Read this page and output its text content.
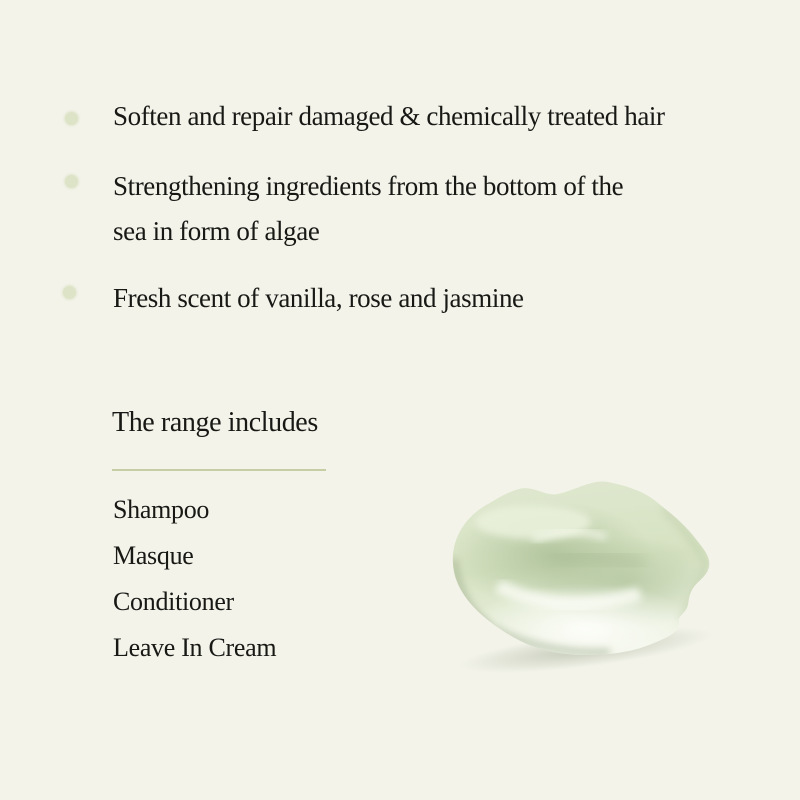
Soften and repair damaged & chemically treated hair
Strengthening ingredients from the bottom of the
sea in form of algae
Fresh scent of vanilla, rose and jasmine
The range includes
Shampoo
Masque
Conditioner
Leave In Cream
